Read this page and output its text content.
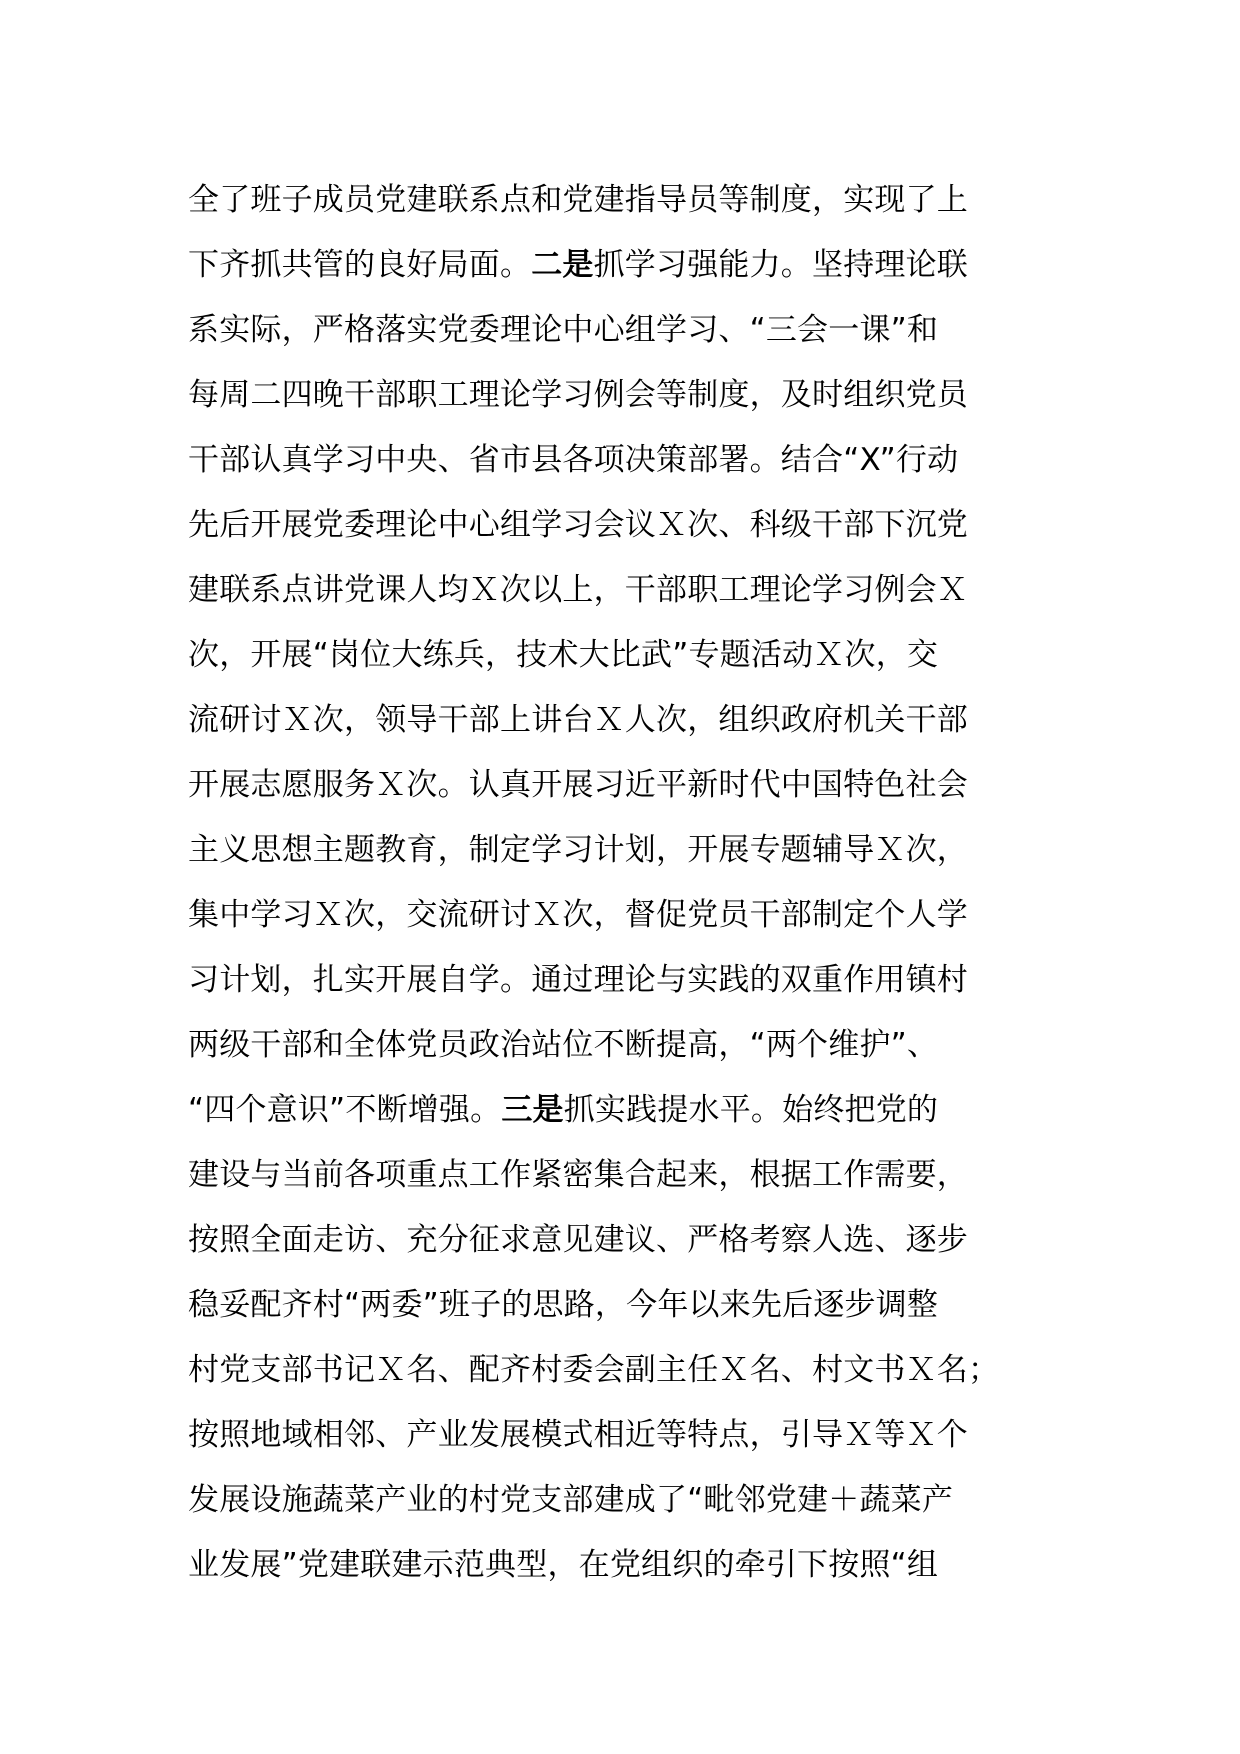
全了班子成员党建联系点和党建指导员等制度，实现了上
下齐抓共管的良好局面。二是抓学习强能力。坚持理论联
系实际，严格落实党委理论中心组学习、“三会一课”和
每周二四晚干部职工理论学习例会等制度，及时组织党员
干部认真学习中央、省市县各项决策部署。结合“X”行动
先后开展党委理论中心组学习会议Ｘ次、科级干部下沉党
建联系点讲党课人均Ｘ次以上，干部职工理论学习例会Ｘ
次，开展“岗位大练兵，技术大比武”专题活动Ｘ次，交
流研讨Ｘ次，领导干部上讲台Ｘ人次，组织政府机关干部
开展志愿服务Ｘ次。认真开展习近平新时代中国特色社会
主义思想主题教育，制定学习计划，开展专题辅导Ｘ次，
集中学习Ｘ次，交流研讨Ｘ次，督促党员干部制定个人学
习计划，扎实开展自学。通过理论与实践的双重作用镇村
两级干部和全体党员政治站位不断提高，“两个维护”、
“四个意识”不断增强。三是抓实践提水平。始终把党的
建设与当前各项重点工作紧密集合起来，根据工作需要，
按照全面走访、充分征求意见建议、严格考察人选、逐步
稳妥配齐村“两委”班子的思路，今年以来先后逐步调整
村党支部书记Ｘ名、配齐村委会副主任Ｘ名、村文书Ｘ名；
按照地域相邻、产业发展模式相近等特点，引导Ｘ等Ｘ个
发展设施蔬菜产业的村党支部建成了“毗邻党建＋蔬菜产
业发展”党建联建示范典型，在党组织的牵引下按照“组
